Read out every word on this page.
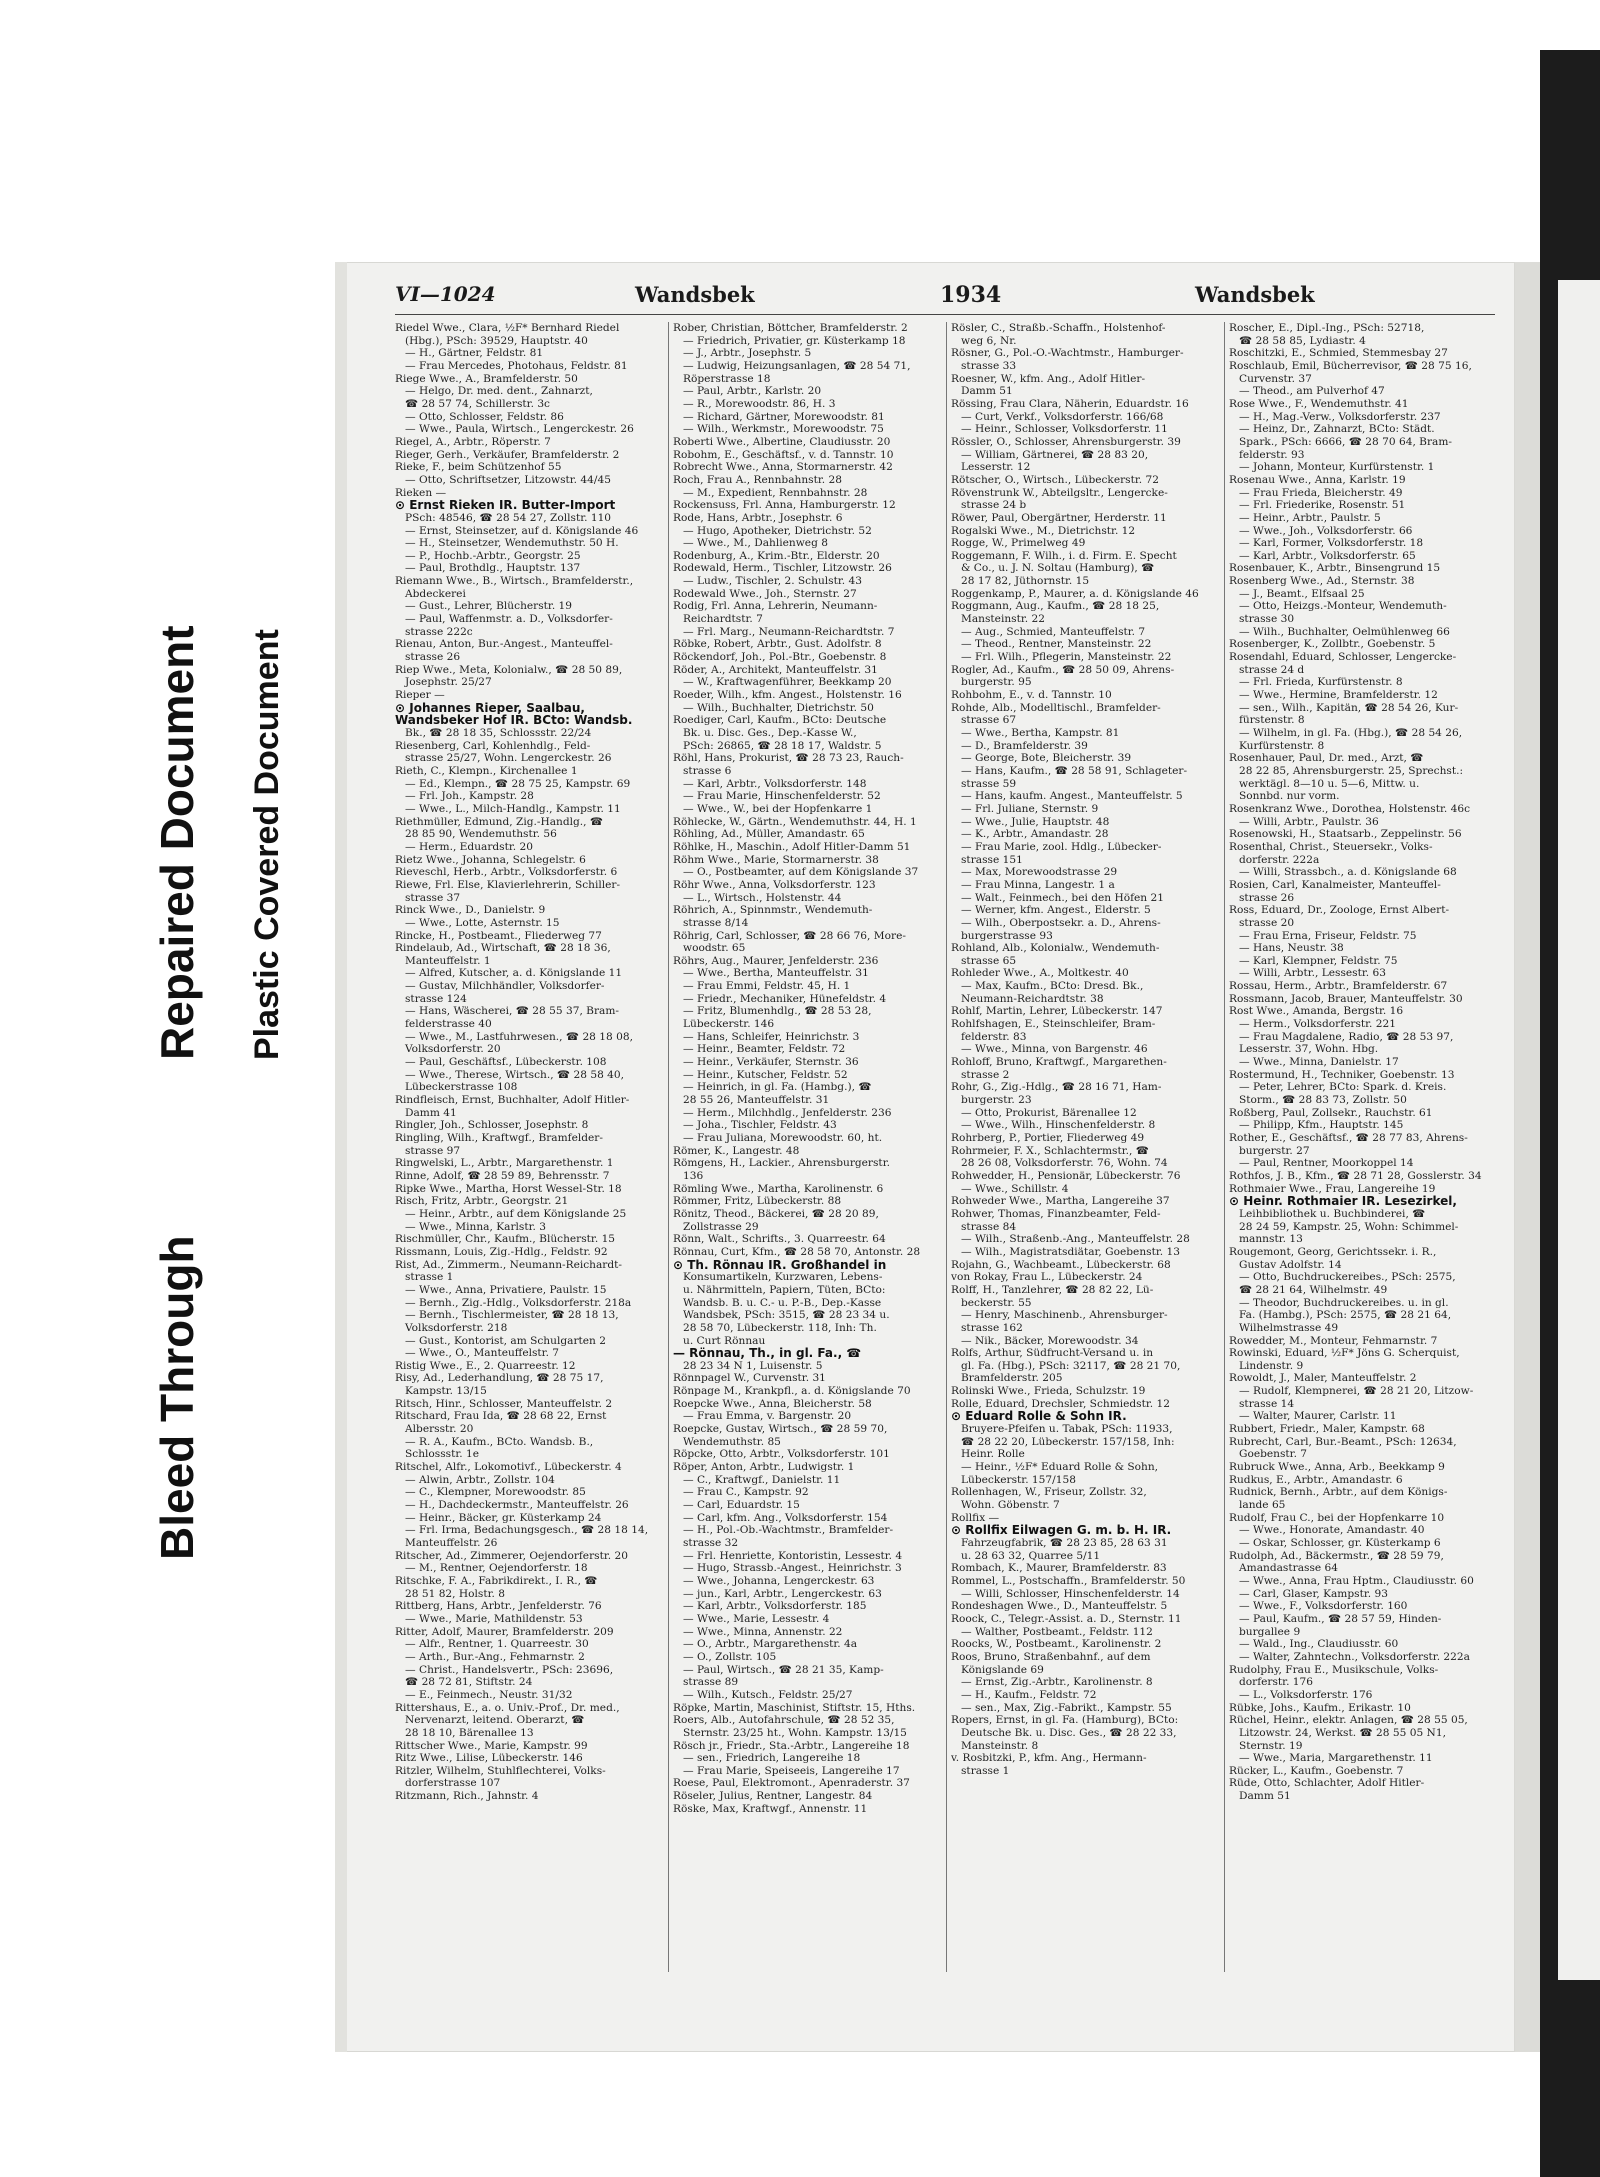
Bleed Through
Repaired Document Plastic Covered Document
VI—1024	Wandsbek	1934	Wandsbek
Riedel Wwe., Clara, ½F* Bernhard Riedel
(Hbg.), PSch: 39529, Hauptstr. 40
— H., Gärtner, Feldstr. 81
— Frau Mercedes, Photohaus, Feldstr. 81
Riege Wwe., A., Bramfelderstr. 50
— Helgo, Dr. med. dent., Zahnarzt,
☎ 28 57 74, Schillerstr. 3c
— Otto, Schlosser, Feldstr. 86
— Wwe., Paula, Wirtsch., Lengerckestr. 26
Riegel, A., Arbtr., Röperstr. 7
Rieger, Gerh., Verkäufer, Bramfelderstr. 2
Rieke, F., beim Schützenhof 55
— Otto, Schriftsetzer, Litzowstr. 44/45
Rieken —
⊙ Ernst Rieken IR. Butter-Import
PSch: 48546, ☎ 28 54 27, Zollstr. 110
— Ernst, Steinsetzer, auf d. Königslande 46
— H., Steinsetzer, Wendemuthstr. 50 H.
— P., Hochb.-Arbtr., Georgstr. 25
— Paul, Brothdlg., Hauptstr. 137
Riemann Wwe., B., Wirtsch., Bramfelderstr.,
Abdeckerei
— Gust., Lehrer, Blücherstr. 19
— Paul, Waffenmstr. a. D., Volksdorfer-
strasse 222c
Rienau, Anton, Bur.-Angest., Manteuffel-
strasse 26
Riep Wwe., Meta, Kolonialw., ☎ 28 50 89,
Josephstr. 25/27
Rieper —
⊙ Johannes Rieper, Saalbau,
Wandsbeker Hof IR. BCto: Wandsb.
Bk., ☎ 28 18 35, Schlossstr. 22/24
Riesenberg, Carl, Kohlenhdlg., Feld-
strasse 25/27, Wohn. Lengerckestr. 26
Rieth, C., Klempn., Kirchenallee 1
— Ed., Klempn., ☎ 28 75 25, Kampstr. 69
— Frl. Joh., Kampstr. 28
— Wwe., L., Milch-Handlg., Kampstr. 11
Riethmüller, Edmund, Zig.-Handlg., ☎
28 85 90, Wendemuthstr. 56
— Herm., Eduardstr. 20
Rietz Wwe., Johanna, Schlegelstr. 6
Rieveschl, Herb., Arbtr., Volksdorferstr. 6
Riewe, Frl. Else, Klavierlehrerin, Schiller-
strasse 37
Rinck Wwe., D., Danielstr. 9
— Wwe., Lotte, Asternstr. 15
Rincke, H., Postbeamt., Fliederweg 77
Rindelaub, Ad., Wirtschaft, ☎ 28 18 36,
Manteuffelstr. 1
— Alfred, Kutscher, a. d. Königslande 11
— Gustav, Milchhändler, Volksdorfer-
strasse 124
— Hans, Wäscherei, ☎ 28 55 37, Bram-
felderstrasse 40
— Wwe., M., Lastfuhrwesen., ☎ 28 18 08,
Volksdorferstr. 20
— Paul, Geschäftsf., Lübeckerstr. 108
— Wwe., Therese, Wirtsch., ☎ 28 58 40,
Lübeckerstrasse 108
Rindfleisch, Ernst, Buchhalter, Adolf Hitler-
Damm 41
Ringler, Joh., Schlosser, Josephstr. 8
Ringling, Wilh., Kraftwgf., Bramfelder-
strasse 97
Ringwelski, L., Arbtr., Margarethenstr. 1
Rinne, Adolf, ☎ 28 59 89, Behrensstr. 7
Ripke Wwe., Martha, Horst Wessel-Str. 18
Risch, Fritz, Arbtr., Georgstr. 21
— Heinr., Arbtr., auf dem Königslande 25
— Wwe., Minna, Karlstr. 3
Rischmüller, Chr., Kaufm., Blücherstr. 15
Rissmann, Louis, Zig.-Hdlg., Feldstr. 92
Rist, Ad., Zimmerm., Neumann-Reichardt-
strasse 1
— Wwe., Anna, Privatiere, Paulstr. 15
— Bernh., Zig.-Hdlg., Volksdorferstr. 218a
— Bernh., Tischlermeister, ☎ 28 18 13,
Volksdorferstr. 218
— Gust., Kontorist, am Schulgarten 2
— Wwe., O., Manteuffelstr. 7
Ristig Wwe., E., 2. Quarreestr. 12
Risy, Ad., Lederhandlung, ☎ 28 75 17,
Kampstr. 13/15
Ritsch, Hinr., Schlosser, Manteuffelstr. 2
Ritschard, Frau Ida, ☎ 28 68 22, Ernst
Albersstr. 20
— R. A., Kaufm., BCto. Wandsb. B.,
Schlossstr. 1e
Ritschel, Alfr., Lokomotivf., Lübeckerstr. 4
— Alwin, Arbtr., Zollstr. 104
— C., Klempner, Morewoodstr. 85
— H., Dachdeckermstr., Manteuffelstr. 26
— Heinr., Bäcker, gr. Küsterkamp 24
— Frl. Irma, Bedachungsgesch., ☎ 28 18 14,
Manteuffelstr. 26
Ritscher, Ad., Zimmerer, Oejendorferstr. 20
— M., Rentner, Oejendorferstr. 18
Ritschke, F. A., Fabrikdirekt., I. R., ☎
28 51 82, Holstr. 8
Rittberg, Hans, Arbtr., Jenfelderstr. 76
— Wwe., Marie, Mathildenstr. 53
Ritter, Adolf, Maurer, Bramfelderstr. 209
— Alfr., Rentner, 1. Quarreestr. 30
— Arth., Bur.-Ang., Fehmarnstr. 2
— Christ., Handelsvertr., PSch: 23696,
☎ 28 72 81, Stiftstr. 24
— E., Feinmech., Neustr. 31/32
Rittershaus, E., a. o. Univ.-Prof., Dr. med.,
Nervenarzt, leitend. Oberarzt, ☎
28 18 10, Bärenallee 13
Rittscher Wwe., Marie, Kampstr. 99
Ritz Wwe., Lilise, Lübeckerstr. 146
Ritzler, Wilhelm, Stuhlflechterei, Volks-
dorferstrasse 107
Ritzmann, Rich., Jahnstr. 4
Rober, Christian, Böttcher, Bramfelderstr. 2
— Friedrich, Privatier, gr. Küsterkamp 18
— J., Arbtr., Josephstr. 5
— Ludwig, Heizungsanlagen, ☎ 28 54 71,
Röperstrasse 18
— Paul, Arbtr., Karlstr. 20
— R., Morewoodstr. 86, H. 3
— Richard, Gärtner, Morewoodstr. 81
— Wilh., Werkmstr., Morewoodstr. 75
Roberti Wwe., Albertine, Claudiusstr. 20
Robohm, E., Geschäftsf., v. d. Tannstr. 10
Robrecht Wwe., Anna, Stormarnerstr. 42
Roch, Frau A., Rennbahnstr. 28
— M., Expedient, Rennbahnstr. 28
Rockensuss, Frl. Anna, Hamburgerstr. 12
Rode, Hans, Arbtr., Josephstr. 6
— Hugo, Apotheker, Dietrichstr. 52
— Wwe., M., Dahlienweg 8
Rodenburg, A., Krim.-Btr., Elderstr. 20
Rodewald, Herm., Tischler, Litzowstr. 26
— Ludw., Tischler, 2. Schulstr. 43
Rodewald Wwe., Joh., Sternstr. 27
Rodig, Frl. Anna, Lehrerin, Neumann-
Reichardtstr. 7
— Frl. Marg., Neumann-Reichardtstr. 7
Röbke, Robert, Arbtr., Gust. Adolfstr. 8
Röckendorf, Joh., Pol.-Btr., Goebenstr. 8
Röder, A., Architekt, Manteuffelstr. 31
— W., Kraftwagenführer, Beekkamp 20
Roeder, Wilh., kfm. Angest., Holstenstr. 16
— Wilh., Buchhalter, Dietrichstr. 50
Roediger, Carl, Kaufm., BCto: Deutsche
Bk. u. Disc. Ges., Dep.-Kasse W.,
PSch: 26865, ☎ 28 18 17, Waldstr. 5
Röhl, Hans, Prokurist, ☎ 28 73 23, Rauch-
strasse 6
— Karl, Arbtr., Volksdorferstr. 148
— Frau Marie, Hinschenfelderstr. 52
— Wwe., W., bei der Hopfenkarre 1
Röhlecke, W., Gärtn., Wendemuthstr. 44, H. 1
Röhling, Ad., Müller, Amandastr. 65
Röhlke, H., Maschin., Adolf Hitler-Damm 51
Röhm Wwe., Marie, Stormarnerstr. 38
— O., Postbeamter, auf dem Königslande 37
Röhr Wwe., Anna, Volksdorferstr. 123
— L., Wirtsch., Holstenstr. 44
Röhrich, A., Spinnmstr., Wendemuth-
strasse 8/14
Röhrig, Carl, Schlosser, ☎ 28 66 76, More-
woodstr. 65
Röhrs, Aug., Maurer, Jenfelderstr. 236
— Wwe., Bertha, Manteuffelstr. 31
— Frau Emmi, Feldstr. 45, H. 1
— Friedr., Mechaniker, Hünefeldstr. 4
— Fritz, Blumenhdlg., ☎ 28 53 28,
Lübeckerstr. 146
— Hans, Schleifer, Heinrichstr. 3
— Heinr., Beamter, Feldstr. 72
— Heinr., Verkäufer, Sternstr. 36
— Heinr., Kutscher, Feldstr. 52
— Heinrich, in gl. Fa. (Hambg.), ☎
28 55 26, Manteuffelstr. 31
— Herm., Milchhdlg., Jenfelderstr. 236
— Joha., Tischler, Feldstr. 43
— Frau Juliana, Morewoodstr. 60, ht.
Römer, K., Langestr. 48
Römgens, H., Lackier., Ahrensburgerstr.
136
Römling Wwe., Martha, Karolinenstr. 6
Römmer, Fritz, Lübeckerstr. 88
Rönitz, Theod., Bäckerei, ☎ 28 20 89,
Zollstrasse 29
Rönn, Walt., Schrifts., 3. Quarreestr. 64
Rönnau, Curt, Kfm., ☎ 28 58 70, Antonstr. 28
⊙ Th. Rönnau IR. Großhandel in
Konsumartikeln, Kurzwaren, Lebens-
u. Nährmitteln, Papiern, Tüten, BCto:
Wandsb. B. u. C.- u. P.-B., Dep.-Kasse
Wandsbek, PSch: 3515, ☎ 28 23 34 u.
28 58 70, Lübeckerstr. 118, Inh: Th.
u. Curt Rönnau
— Rönnau, Th., in gl. Fa., ☎
28 23 34 N 1, Luisenstr. 5
Rönnpagel W., Curvenstr. 31
Rönpage M., Krankpfl., a. d. Königslande 70
Roepcke Wwe., Anna, Bleicherstr. 58
— Frau Emma, v. Bargenstr. 20
Roepcke, Gustav, Wirtsch., ☎ 28 59 70,
Wendemuthstr. 85
Röpcke, Otto, Arbtr., Volksdorferstr. 101
Röper, Anton, Arbtr., Ludwigstr. 1
— C., Kraftwgf., Danielstr. 11
— Frau C., Kampstr. 92
— Carl, Eduardstr. 15
— Carl, kfm. Ang., Volksdorferstr. 154
— H., Pol.-Ob.-Wachtmstr., Bramfelder-
strasse 32
— Frl. Henriette, Kontoristin, Lessestr. 4
— Hugo, Strassb.-Angest., Heinrichstr. 3
— Wwe., Johanna, Lengerckestr. 63
— jun., Karl, Arbtr., Lengerckestr. 63
— Karl, Arbtr., Volksdorferstr. 185
— Wwe., Marie, Lessestr. 4
— Wwe., Minna, Annenstr. 22
— O., Arbtr., Margarethenstr. 4a
— O., Zollstr. 105
— Paul, Wirtsch., ☎ 28 21 35, Kamp-
strasse 89
— Wilh., Kutsch., Feldstr. 25/27
Röpke, Martin, Maschinist, Stiftstr. 15, Hths.
Roers, Alb., Autofahrschule, ☎ 28 52 35,
Sternstr. 23/25 ht., Wohn. Kampstr. 13/15
Rösch jr., Friedr., Sta.-Arbtr., Langereihe 18
— sen., Friedrich, Langereihe 18
— Frau Marie, Speiseeis, Langereihe 17
Roese, Paul, Elektromont., Apenraderstr. 37
Röseler, Julius, Rentner, Langestr. 84
Röske, Max, Kraftwgf., Annenstr. 11
Rösler, C., Straßb.-Schaffn., Holstenhof-
weg 6, Nr.
Rösner, G., Pol.-O.-Wachtmstr., Hamburger-
strasse 33
Roesner, W., kfm. Ang., Adolf Hitler-
Damm 51
Rössing, Frau Clara, Näherin, Eduardstr. 16
— Curt, Verkf., Volksdorferstr. 166/68
— Heinr., Schlosser, Volksdorferstr. 11
Rössler, O., Schlosser, Ahrensburgerstr. 39
— William, Gärtnerei, ☎ 28 83 20,
Lesserstr. 12
Rötscher, O., Wirtsch., Lübeckerstr. 72
Rövenstrunk W., Abteilgsltr., Lengercke-
strasse 24 b
Röwer, Paul, Obergärtner, Herderstr. 11
Rogalski Wwe., M., Dietrichstr. 12
Rogge, W., Primelweg 49
Roggemann, F. Wilh., i. d. Firm. E. Specht
& Co., u. J. N. Soltau (Hamburg), ☎
28 17 82, Jüthornstr. 15
Roggenkamp, P., Maurer, a. d. Königslande 46
Roggmann, Aug., Kaufm., ☎ 28 18 25,
Mansteinstr. 22
— Aug., Schmied, Manteuffelstr. 7
— Theod., Rentner, Mansteinstr. 22
— Frl. Wilh., Pflegerin, Mansteinstr. 22
Rogler, Ad., Kaufm., ☎ 28 50 09, Ahrens-
burgerstr. 95
Rohbohm, E., v. d. Tannstr. 10
Rohde, Alb., Modelltischl., Bramfelder-
strasse 67
— Wwe., Bertha, Kampstr. 81
— D., Bramfelderstr. 39
— George, Bote, Bleicherstr. 39
— Hans, Kaufm., ☎ 28 58 91, Schlageter-
strasse 59
— Hans, kaufm. Angest., Manteuffelstr. 5
— Frl. Juliane, Sternstr. 9
— Wwe., Julie, Hauptstr. 48
— K., Arbtr., Amandastr. 28
— Frau Marie, zool. Hdlg., Lübecker-
strasse 151
— Max, Morewoodstrasse 29
— Frau Minna, Langestr. 1 a
— Walt., Feinmech., bei den Höfen 21
— Werner, kfm. Angest., Elderstr. 5
— Wilh., Oberpostsekr. a. D., Ahrens-
burgerstrasse 93
Rohland, Alb., Kolonialw., Wendemuth-
strasse 65
Rohleder Wwe., A., Moltkestr. 40
— Max, Kaufm., BCto: Dresd. Bk.,
Neumann-Reichardtstr. 38
Rohlf, Martin, Lehrer, Lübeckerstr. 147
Rohlfshagen, E., Steinschleifer, Bram-
felderstr. 83
— Wwe., Minna, von Bargenstr. 46
Rohloff, Bruno, Kraftwgf., Margarethen-
strasse 2
Rohr, G., Zig.-Hdlg., ☎ 28 16 71, Ham-
burgerstr. 23
— Otto, Prokurist, Bärenallee 12
— Wwe., Wilh., Hinschenfelderstr. 8
Rohrberg, P., Portier, Fliederweg 49
Rohrmeier, F. X., Schlachtermstr., ☎
28 26 08, Volksdorferstr. 76, Wohn. 74
Rohwedder, H., Pensionär, Lübeckerstr. 76
— Wwe., Schillstr. 4
Rohweder Wwe., Martha, Langereihe 37
Rohwer, Thomas, Finanzbeamter, Feld-
strasse 84
— Wilh., Straßenb.-Ang., Manteuffelstr. 28
— Wilh., Magistratsdiätar, Goebenstr. 13
Rojahn, G., Wachbeamt., Lübeckerstr. 68
von Rokay, Frau L., Lübeckerstr. 24
Rolff, H., Tanzlehrer, ☎ 28 82 22, Lü-
beckerstr. 55
— Henry, Maschinenb., Ahrensburger-
strasse 162
— Nik., Bäcker, Morewoodstr. 34
Rolfs, Arthur, Südfrucht-Versand u. in
gl. Fa. (Hbg.), PSch: 32117, ☎ 28 21 70,
Bramfelderstr. 205
Rolinski Wwe., Frieda, Schulzstr. 19
Rolle, Eduard, Drechsler, Schmiedstr. 12
⊙ Eduard Rolle & Sohn IR.
Bruyere-Pfeifen u. Tabak, PSch: 11933,
☎ 28 22 20, Lübeckerstr. 157/158, Inh:
Heinr. Rolle
— Heinr., ½F* Eduard Rolle & Sohn,
Lübeckerstr. 157/158
Rollenhagen, W., Friseur, Zollstr. 32,
Wohn. Göbenstr. 7
Rollfix —
⊙ Rollfix Eilwagen G. m. b. H. IR.
Fahrzeugfabrik, ☎ 28 23 85, 28 63 31
u. 28 63 32, Quarree 5/11
Rombach, K., Maurer, Bramfelderstr. 83
Rommel, L., Postschaffn., Bramfelderstr. 50
— Willi, Schlosser, Hinschenfelderstr. 14
Rondeshagen Wwe., D., Manteuffelstr. 5
Roock, C., Telegr.-Assist. a. D., Sternstr. 11
— Walther, Postbeamt., Feldstr. 112
Roocks, W., Postbeamt., Karolinenstr. 2
Roos, Bruno, Straßenbahnf., auf dem
Königslande 69
— Ernst, Zig.-Arbtr., Karolinenstr. 8
— H., Kaufm., Feldstr. 72
— sen., Max, Zig.-Fabrikt., Kampstr. 55
Ropers, Ernst, in gl. Fa. (Hamburg), BCto:
Deutsche Bk. u. Disc. Ges., ☎ 28 22 33,
Mansteinstr. 8
v. Rosbitzki, P., kfm. Ang., Hermann-
strasse 1
Roscher, E., Dipl.-Ing., PSch: 52718,
☎ 28 58 85, Lydiastr. 4
Roschitzki, E., Schmied, Stemmesbay 27
Roschlaub, Emil, Bücherrevisor, ☎ 28 75 16,
Curvenstr. 37
— Theod., am Pulverhof 47
Rose Wwe., F., Wendemuthstr. 41
— H., Mag.-Verw., Volksdorferstr. 237
— Heinz, Dr., Zahnarzt, BCto: Städt.
Spark., PSch: 6666, ☎ 28 70 64, Bram-
felderstr. 93
— Johann, Monteur, Kurfürstenstr. 1
Rosenau Wwe., Anna, Karlstr. 19
— Frau Frieda, Bleicherstr. 49
— Frl. Friederike, Rosenstr. 51
— Heinr., Arbtr., Paulstr. 5
— Wwe., Joh., Volksdorferstr. 66
— Karl, Former, Volksdorferstr. 18
— Karl, Arbtr., Volksdorferstr. 65
Rosenbauer, K., Arbtr., Binsengrund 15
Rosenberg Wwe., Ad., Sternstr. 38
— J., Beamt., Elfsaal 25
— Otto, Heizgs.-Monteur, Wendemuth-
strasse 30
— Wilh., Buchhalter, Oelmühlenweg 66
Rosenberger, K., Zollbtr., Goebenstr. 5
Rosendahl, Eduard, Schlosser, Lengercke-
strasse 24 d
— Frl. Frieda, Kurfürstenstr. 8
— Wwe., Hermine, Bramfelderstr. 12
— sen., Wilh., Kapitän, ☎ 28 54 26, Kur-
fürstenstr. 8
— Wilhelm, in gl. Fa. (Hbg.), ☎ 28 54 26,
Kurfürstenstr. 8
Rosenhauer, Paul, Dr. med., Arzt, ☎
28 22 85, Ahrensburgerstr. 25, Sprechst.:
werktägl. 8—10 u. 5—6, Mittw. u.
Sonnbd. nur vorm.
Rosenkranz Wwe., Dorothea, Holstenstr. 46c
— Willi, Arbtr., Paulstr. 36
Rosenowski, H., Staatsarb., Zeppelinstr. 56
Rosenthal, Christ., Steuersekr., Volks-
dorferstr. 222a
— Willi, Strassbch., a. d. Königslande 68
Rosien, Carl, Kanalmeister, Manteuffel-
strasse 26
Ross, Eduard, Dr., Zoologe, Ernst Albert-
strasse 20
— Frau Erna, Friseur, Feldstr. 75
— Hans, Neustr. 38
— Karl, Klempner, Feldstr. 75
— Willi, Arbtr., Lessestr. 63
Rossau, Herm., Arbtr., Bramfelderstr. 67
Rossmann, Jacob, Brauer, Manteuffelstr. 30
Rost Wwe., Amanda, Bergstr. 16
— Herm., Volksdorferstr. 221
— Frau Magdalene, Radio, ☎ 28 53 97,
Lesserstr. 37, Wohn. Hbg.
— Wwe., Minna, Danielstr. 17
Rostermund, H., Techniker, Goebenstr. 13
— Peter, Lehrer, BCto: Spark. d. Kreis.
Storm., ☎ 28 83 73, Zollstr. 50
Roßberg, Paul, Zollsekr., Rauchstr. 61
— Philipp, Kfm., Hauptstr. 145
Rother, E., Geschäftsf., ☎ 28 77 83, Ahrens-
burgerstr. 27
— Paul, Rentner, Moorkoppel 14
Rothfos, J. B., Kfm., ☎ 28 71 28, Gosslerstr. 34
Rothmaier Wwe., Frau, Langereihe 19
⊙ Heinr. Rothmaier IR. Lesezirkel,
Leihbibliothek u. Buchbinderei, ☎
28 24 59, Kampstr. 25, Wohn: Schimmel-
mannstr. 13
Rougemont, Georg, Gerichtssekr. i. R.,
Gustav Adolfstr. 14
— Otto, Buchdruckereibes., PSch: 2575,
☎ 28 21 64, Wilhelmstr. 49
— Theodor, Buchdruckereibes. u. in gl.
Fa. (Hambg.), PSch: 2575, ☎ 28 21 64,
Wilhelmstrasse 49
Rowedder, M., Monteur, Fehmarnstr. 7
Rowinski, Eduard, ½F* Jöns G. Scherquist,
Lindenstr. 9
Rowoldt, J., Maler, Manteuffelstr. 2
— Rudolf, Klempnerei, ☎ 28 21 20, Litzow-
strasse 14
— Walter, Maurer, Carlstr. 11
Rubbert, Friedr., Maler, Kampstr. 68
Rubrecht, Carl, Bur.-Beamt., PSch: 12634,
Goebenstr. 7
Rubruck Wwe., Anna, Arb., Beekkamp 9
Rudkus, E., Arbtr., Amandastr. 6
Rudnick, Bernh., Arbtr., auf dem Königs-
lande 65
Rudolf, Frau C., bei der Hopfenkarre 10
— Wwe., Honorate, Amandastr. 40
— Oskar, Schlosser, gr. Küsterkamp 6
Rudolph, Ad., Bäckermstr., ☎ 28 59 79,
Amandastrasse 64
— Wwe., Anna, Frau Hptm., Claudiusstr. 60
— Carl, Glaser, Kampstr. 93
— Wwe., F., Volksdorferstr. 160
— Paul, Kaufm., ☎ 28 57 59, Hinden-
burgallee 9
— Wald., Ing., Claudiusstr. 60
— Walter, Zahntechn., Volksdorferstr. 222a
Rudolphy, Frau E., Musikschule, Volks-
dorferstr. 176
— L., Volksdorferstr. 176
Rübke, Johs., Kaufm., Erikastr. 10
Rüchel, Heinr., elektr. Anlagen, ☎ 28 55 05,
Litzowstr. 24, Werkst. ☎ 28 55 05 N1,
Sternstr. 19
— Wwe., Maria, Margarethenstr. 11
Rücker, L., Kaufm., Goebenstr. 7
Rüde, Otto, Schlachter, Adolf Hitler-
Damm 51
